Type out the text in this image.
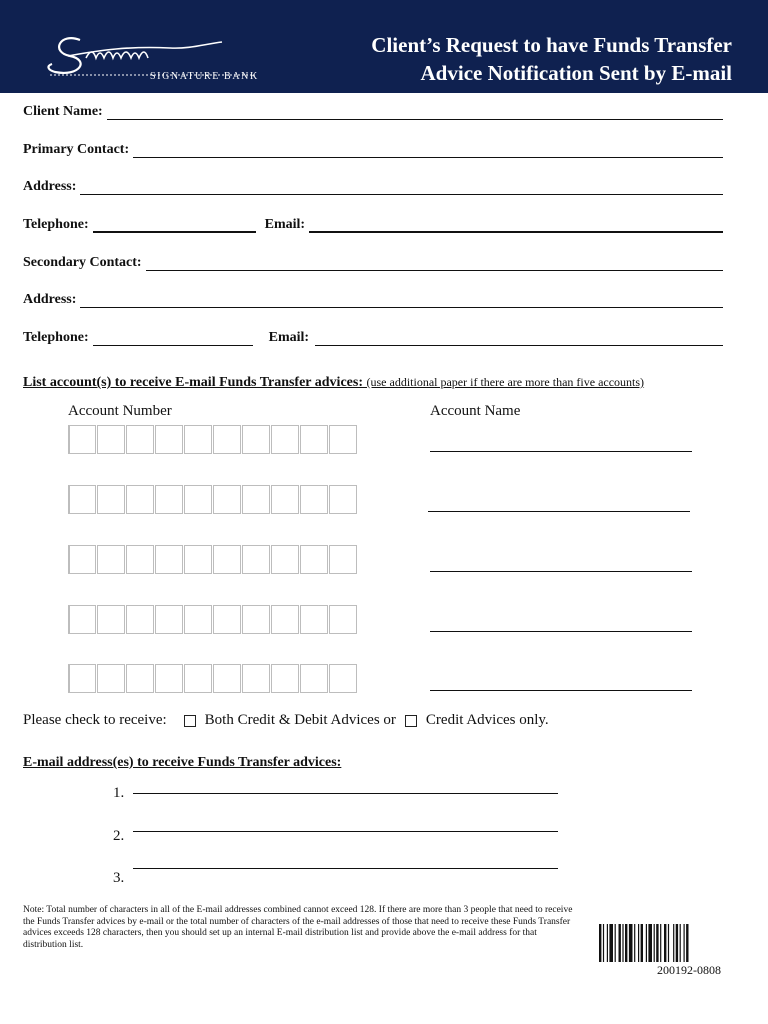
SIGNATURE BANK
Client’s Request to have Funds Transfer
Advice Notification Sent by E-mail
Client Name:
Primary Contact:
Address:
Telephone:	Email:
Secondary Contact:
Address:
Telephone:	Email:
List account(s) to receive E-mail Funds Transfer advices: (use additional paper if there are more than five accounts)
Account Number	Account Name
Please check to receive:	Both Credit & Debit Advices or Credit Advices only.
E-mail address(es) to receive Funds Transfer advices:
1.
2.
3.
Note: Total number of characters in all of the E-mail addresses combined cannot exceed 128. If there are more than 3 people that need to receive the Funds Transfer advices by e-mail or the total number of characters of the e-mail addresses of those that need to receive these Funds Transfer advices exceeds 128 characters, then you should set up an internal E-mail distribution list and provide above the e-mail address for that distribution list.
200192-0808
